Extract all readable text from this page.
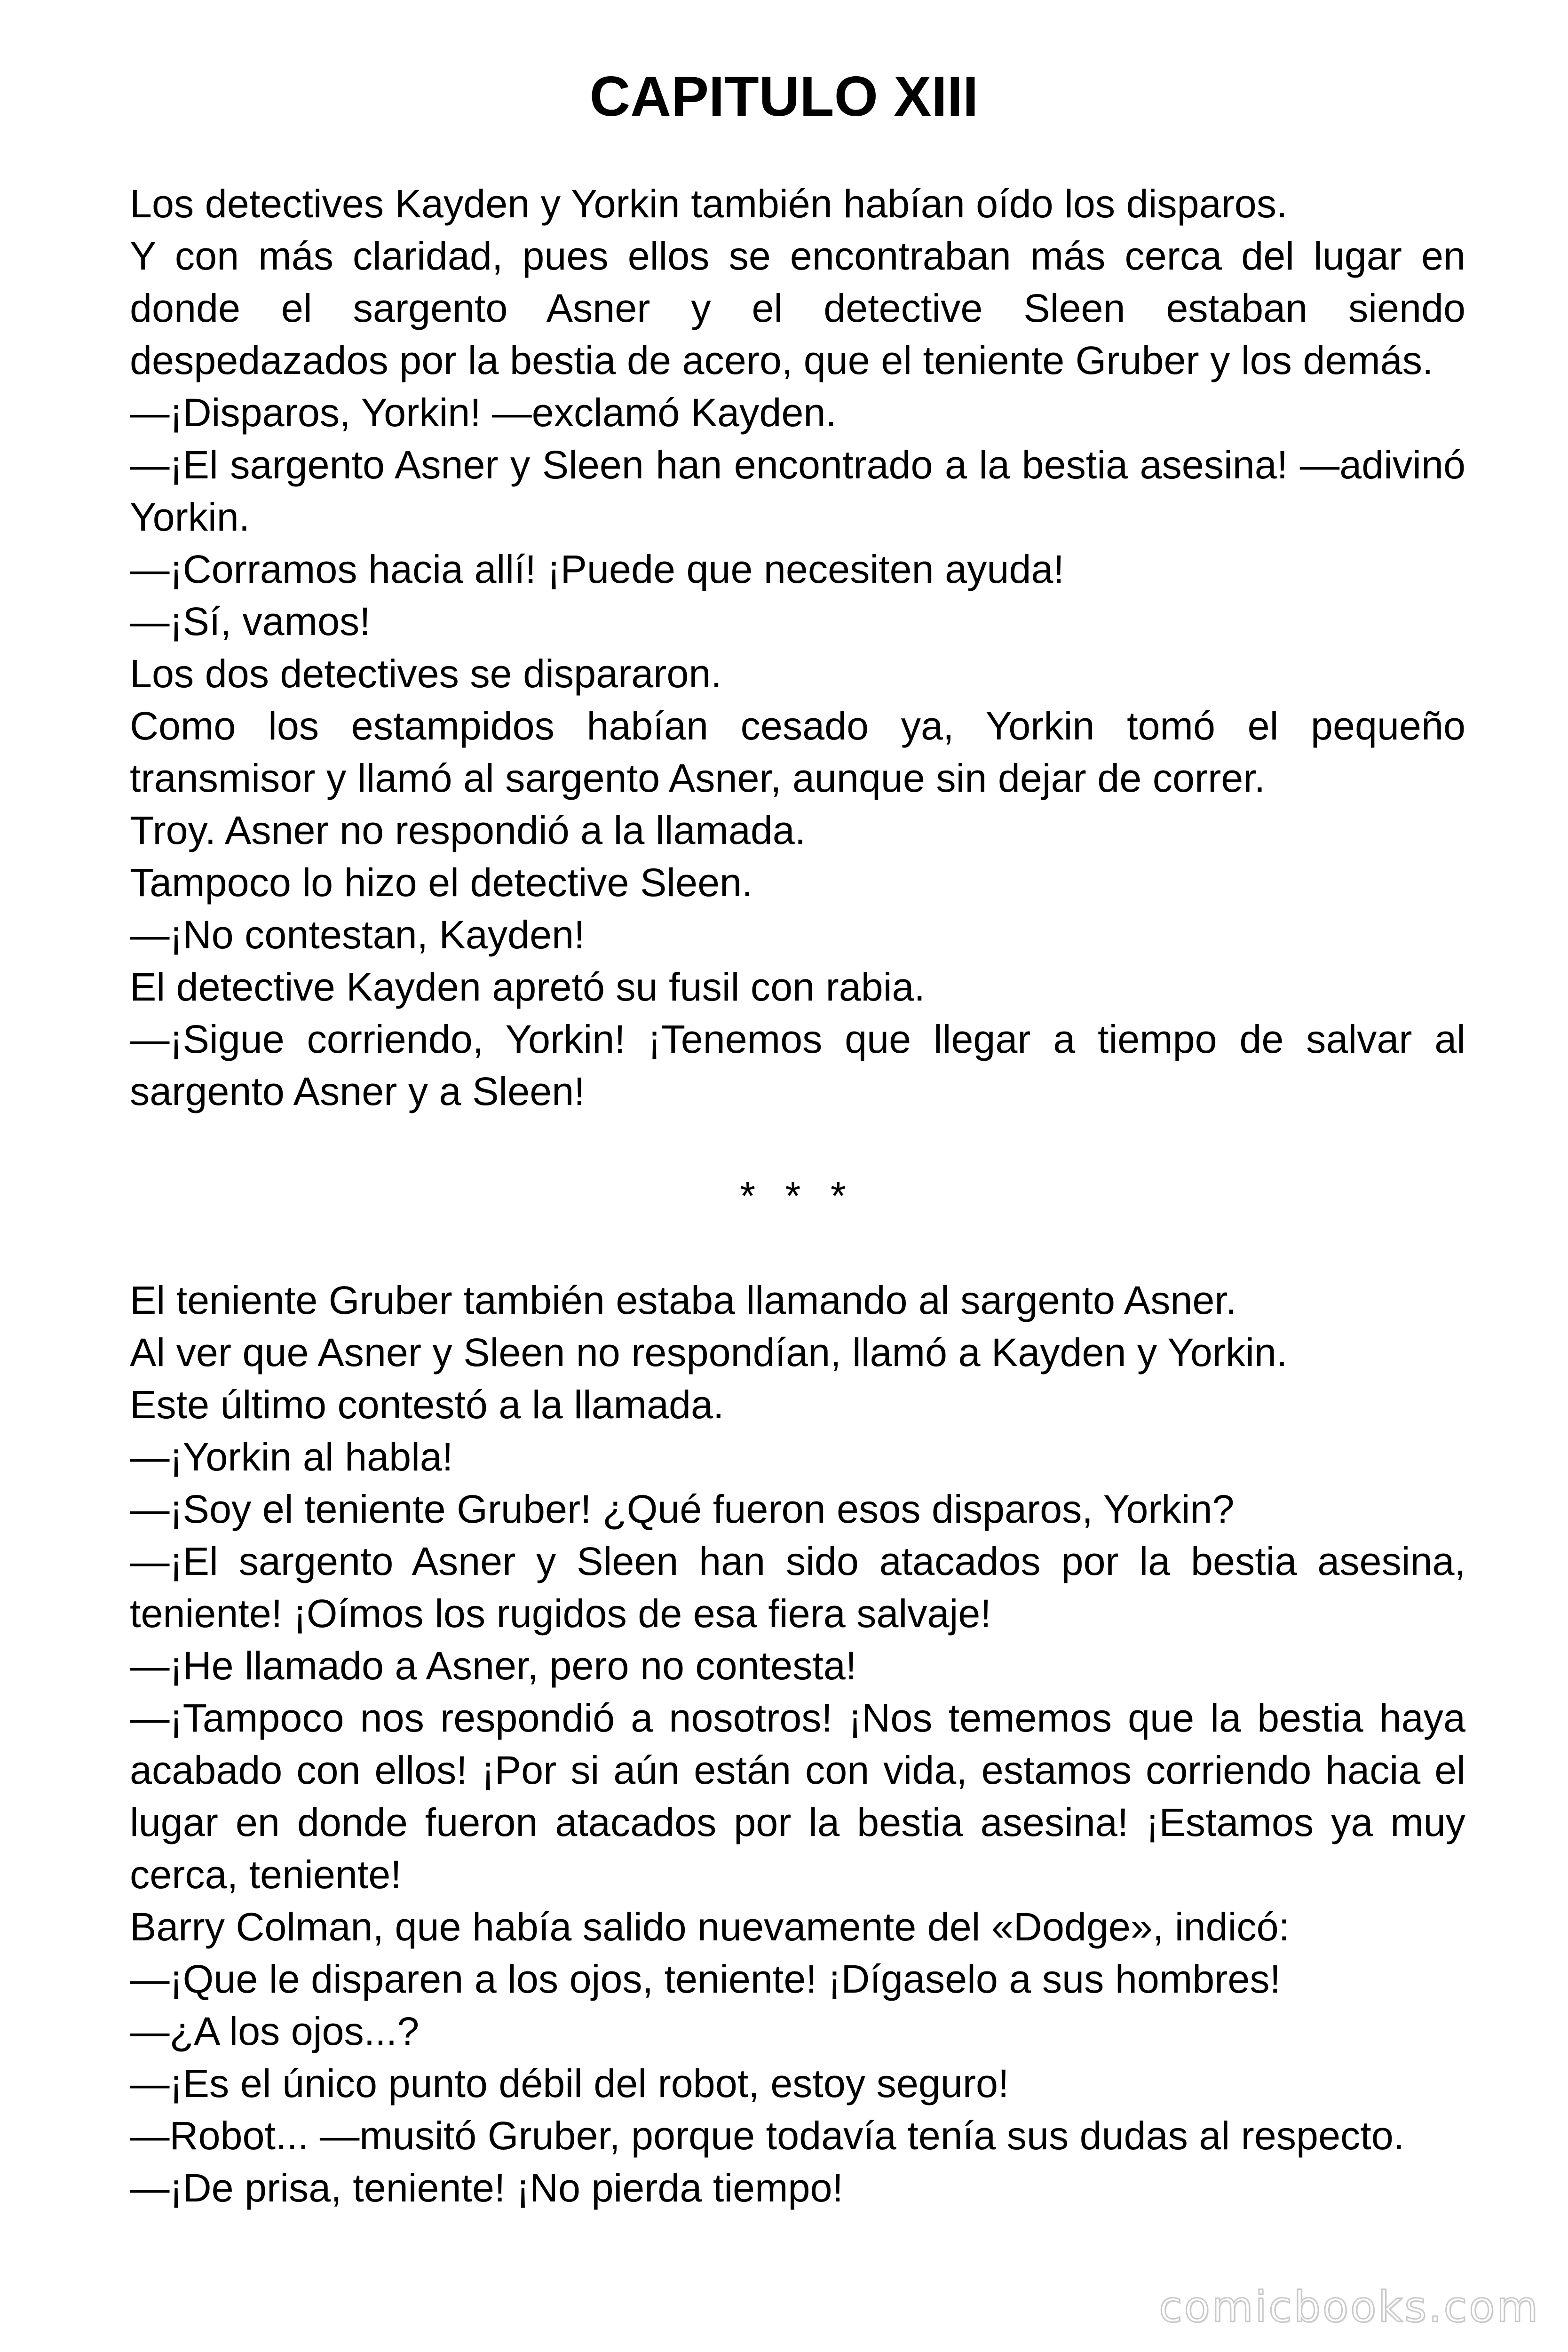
CAPITULO XIII

Los detectives Kayden y Yorkin también habían oído los disparos.

Y con más claridad, pues ellos se encontraban más cerca del lugar en donde el sargento Asner y el detective Sleen estaban siendo despedazados por la bestia de acero, que el teniente Gruber y los demás.

—¡Disparos, Yorkin! —exclamó Kayden.

—¡El sargento Asner y Sleen han encontrado a la bestia asesina! —adivinó Yorkin.

—¡Corramos hacia allí! ¡Puede que necesiten ayuda!

—¡Sí, vamos!

Los dos detectives se dispararon.

Como los estampidos habían cesado ya, Yorkin tomó el pequeño transmisor y llamó al sargento Asner, aunque sin dejar de correr.

Troy. Asner no respondió a la llamada.

Tampoco lo hizo el detective Sleen.

—¡No contestan, Kayden!

El detective Kayden apretó su fusil con rabia.

—¡Sigue corriendo, Yorkin! ¡Tenemos que llegar a tiempo de salvar al sargento Asner y a Sleen!

* * *

El teniente Gruber también estaba llamando al sargento Asner.

Al ver que Asner y Sleen no respondían, llamó a Kayden y Yorkin.

Este último contestó a la llamada.

—¡Yorkin al habla!

—¡Soy el teniente Gruber! ¿Qué fueron esos disparos, Yorkin?

—¡El sargento Asner y Sleen han sido atacados por la bestia asesina, teniente! ¡Oímos los rugidos de esa fiera salvaje!

—¡He llamado a Asner, pero no contesta!

—¡Tampoco nos respondió a nosotros! ¡Nos tememos que la bestia haya acabado con ellos! ¡Por si aún están con vida, estamos corriendo hacia el lugar en donde fueron atacados por la bestia asesina! ¡Estamos ya muy cerca, teniente!

Barry Colman, que había salido nuevamente del «Dodge», indicó:

—¡Que le disparen a los ojos, teniente! ¡Dígaselo a sus hombres!

—¿A los ojos...?

—¡Es el único punto débil del robot, estoy seguro!

—Robot... —musitó Gruber, porque todavía tenía sus dudas al respecto.

—¡De prisa, teniente! ¡No pierda tiempo!

comicbooks.com
